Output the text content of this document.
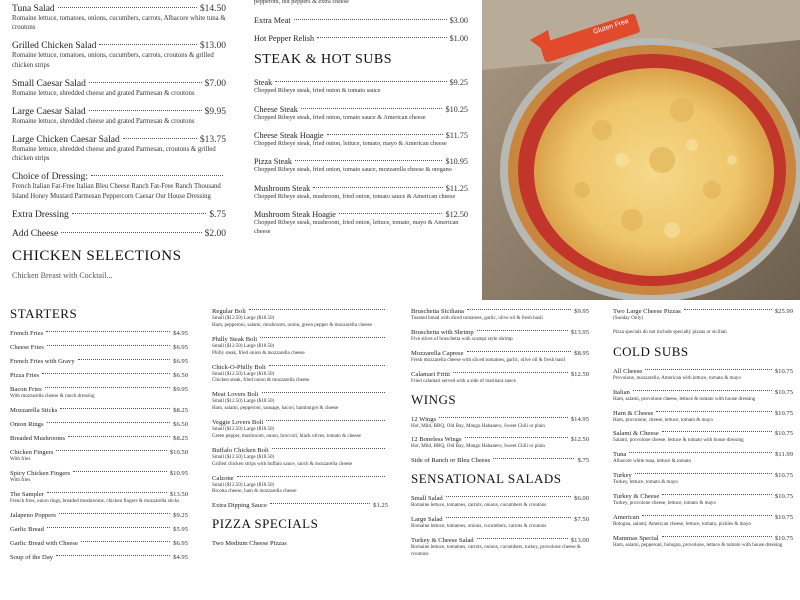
Tuna Salad	$14.50
Romaine lettuce, tomatoes, onions, cucumbers, carrots, Albacore white tuna & croutons
Grilled Chicken Salad	$13.00
Romaine lettuce, tomatoes, onions, cucumbers, carrots, croutons & grilled chicken strips
Small Caesar Salad	$7.00
Romaine lettuce, shredded cheese and grated Parmesan & croutons
Large Caesar Salad	$9.95
Romaine lettuce, shredded cheese and grated Parmesan & croutons
Large Chicken Caesar Salad	$13.75
Romaine lettuce, shredded cheese and grated Parmesan, croutons & grilled chicken strips
Choice of Dressing:
French Italian Fat-Free Italian Bleu Cheese Ranch Fat-Free Ranch Thousand Island Honey Mustard Parmesan Peppercorn Caesar Our House Dressing
Extra Dressing	$.75
Add Cheese	$2.00
CHICKEN SELECTIONS
Chicken Breast with Cocktail...
pepperoni, hot peppers & extra cheese
Extra Meat	$3.00
Hot Pepper Relish	$1.00
STEAK & HOT SUBS
Steak	$9.25
Chopped Ribeye steak, fried onion & tomato sauce
Cheese Steak	$10.25
Chopped Ribeye steak, fried onion, tomato sauce & American cheese
Cheese Steak Hoagie	$11.75
Chopped Ribeye steak, fried onion, lettuce, tomato, mayo & American cheese
Pizza Steak	$10.95
Chopped Ribeye steak, fried onion, tomato sauce, mozzarella cheese & oregano
Mushroom Steak	$11.25
Chopped Ribeye steak, mushroom, fried onion, tomato sauce & American cheese
Mushroom Steak Hoagie	$12.50
Chopped Ribeye steak, mushroom, fried onion, lettuce, tomato, mayo & American cheese
Gluten Free
STARTERS
French Fries	$4.95
Cheese Fries	$6.95
French Fries with Gravy	$6.95
Pizza Fries	$6.50
Bacon Fries	$9.95
With mozzarella cheese & ranch dressing
Mozzarella Sticks	$8.25
Onion Rings	$6.50
Breaded Mushrooms	$8.25
Chicken Fingers	$10.50
With fries
Spicy Chicken Fingers	$10.95
With fries
The Sampler	$13.50
French fries, onion rings, breaded mushrooms, chicken fingers & mozzarella sticks
Jalapeno Poppers	$9.25
Garlic Bread	$5.95
Garlic Bread with Cheese	$6.95
Soup of the Day	$4.95
Regular Boli
Small ($12.50) Large ($18.50)
Ham, pepperoni, salami, mushroom, onion, green pepper & mozzarella cheese
Philly Steak Boli
Small ($12.50) Large ($18.50)
Philly steak, fried onion & mozzarella cheese
Chick-O-Philly Boli
Small ($12.50) Large ($18.50)
Chicken steak, fried onion & mozzarella cheese
Meat Lovers Boli
Small ($12.50) Large ($18.50)
Ham, salami, pepperoni, sausage, bacon, hamburger & cheese
Veggie Lovers Boli
Small ($12.50) Large ($18.50)
Green pepper, mushroom, onion, broccoli, black olives, tomato & cheese
Buffalo Chicken Boli
Small ($12.50) Large ($18.50)
Grilled chicken strips with buffalo sauce, ranch & mozzarella cheese
Calzone
Small ($12.50) Large ($18.50)
Ricotta cheese, ham & mozzarella cheese
Extra Dipping Sauce	$1.25
PIZZA SPECIALS
Two Medium Cheese Pizzas
Bruschetta Siciliana	$9.95
Toasted bread with diced tomatoes, garlic, olive oil & fresh basil
Bruschetta with Shrimp	$13.95
Five slices of bruschetta with scampi style shrimp
Mozzarella Caprese	$8.95
Fresh mozzarella cheese with sliced tomatoes, garlic, olive oil & fresh basil
Calamari Fritti	$12.50
Fried calamari served with a side of marinara sauce
WINGS
12 Wings	$14.95
Hot, Mild, BBQ, Old Bay, Mango Habanero, Sweet Chili or plain
12 Boneless Wings	$12.50
Hot, Mild, BBQ, Old Bay, Mango Habanero, Sweet Chili or plain
Side of Ranch or Bleu Cheese	$.75
SENSATIONAL SALADS
Small Salad	$6.00
Romaine lettuce, tomatoes, carrots, onions, cucumbers & croutons
Large Salad	$7.50
Romaine lettuce, tomatoes, onions, cucumbers, carrots & croutons
Turkey & Cheese Salad	$13.00
Romaine lettuce, tomatoes, carrots, onions, cucumbers, turkey, provolone cheese & croutons
Two Large Cheese Pizzas	$25.99
(Sunday Only)
Pizza specials do not include specialty pizzas or sicilian
COLD SUBS
All Cheese	$10.75
Provolone, mozzarella, American with lettuce, tomato & mayo
Italian	$10.75
Ham, salami, provolone cheese, lettuce & tomato with house dressing
Ham & Cheese	$10.75
Ham, provolone, cheese, lettuce, tomato & mayo
Salami & Cheese	$10.75
Salami, provolone cheese, lettuce & tomato with house dressing
Tuna	$11.99
Albacore white tuna, lettuce & tomato
Turkey	$10.75
Turkey, lettuce, tomato & mayo
Turkey & Cheese	$10.75
Turkey, provolone cheese, lettuce, tomato & mayo
American	$10.75
Bologna, salami, American cheese, lettuce, tomato, pickles & mayo
Mammas Special	$10.75
Ham, salami, pepperoni, bologna, provolone, lettuce & tomato with house dressing
